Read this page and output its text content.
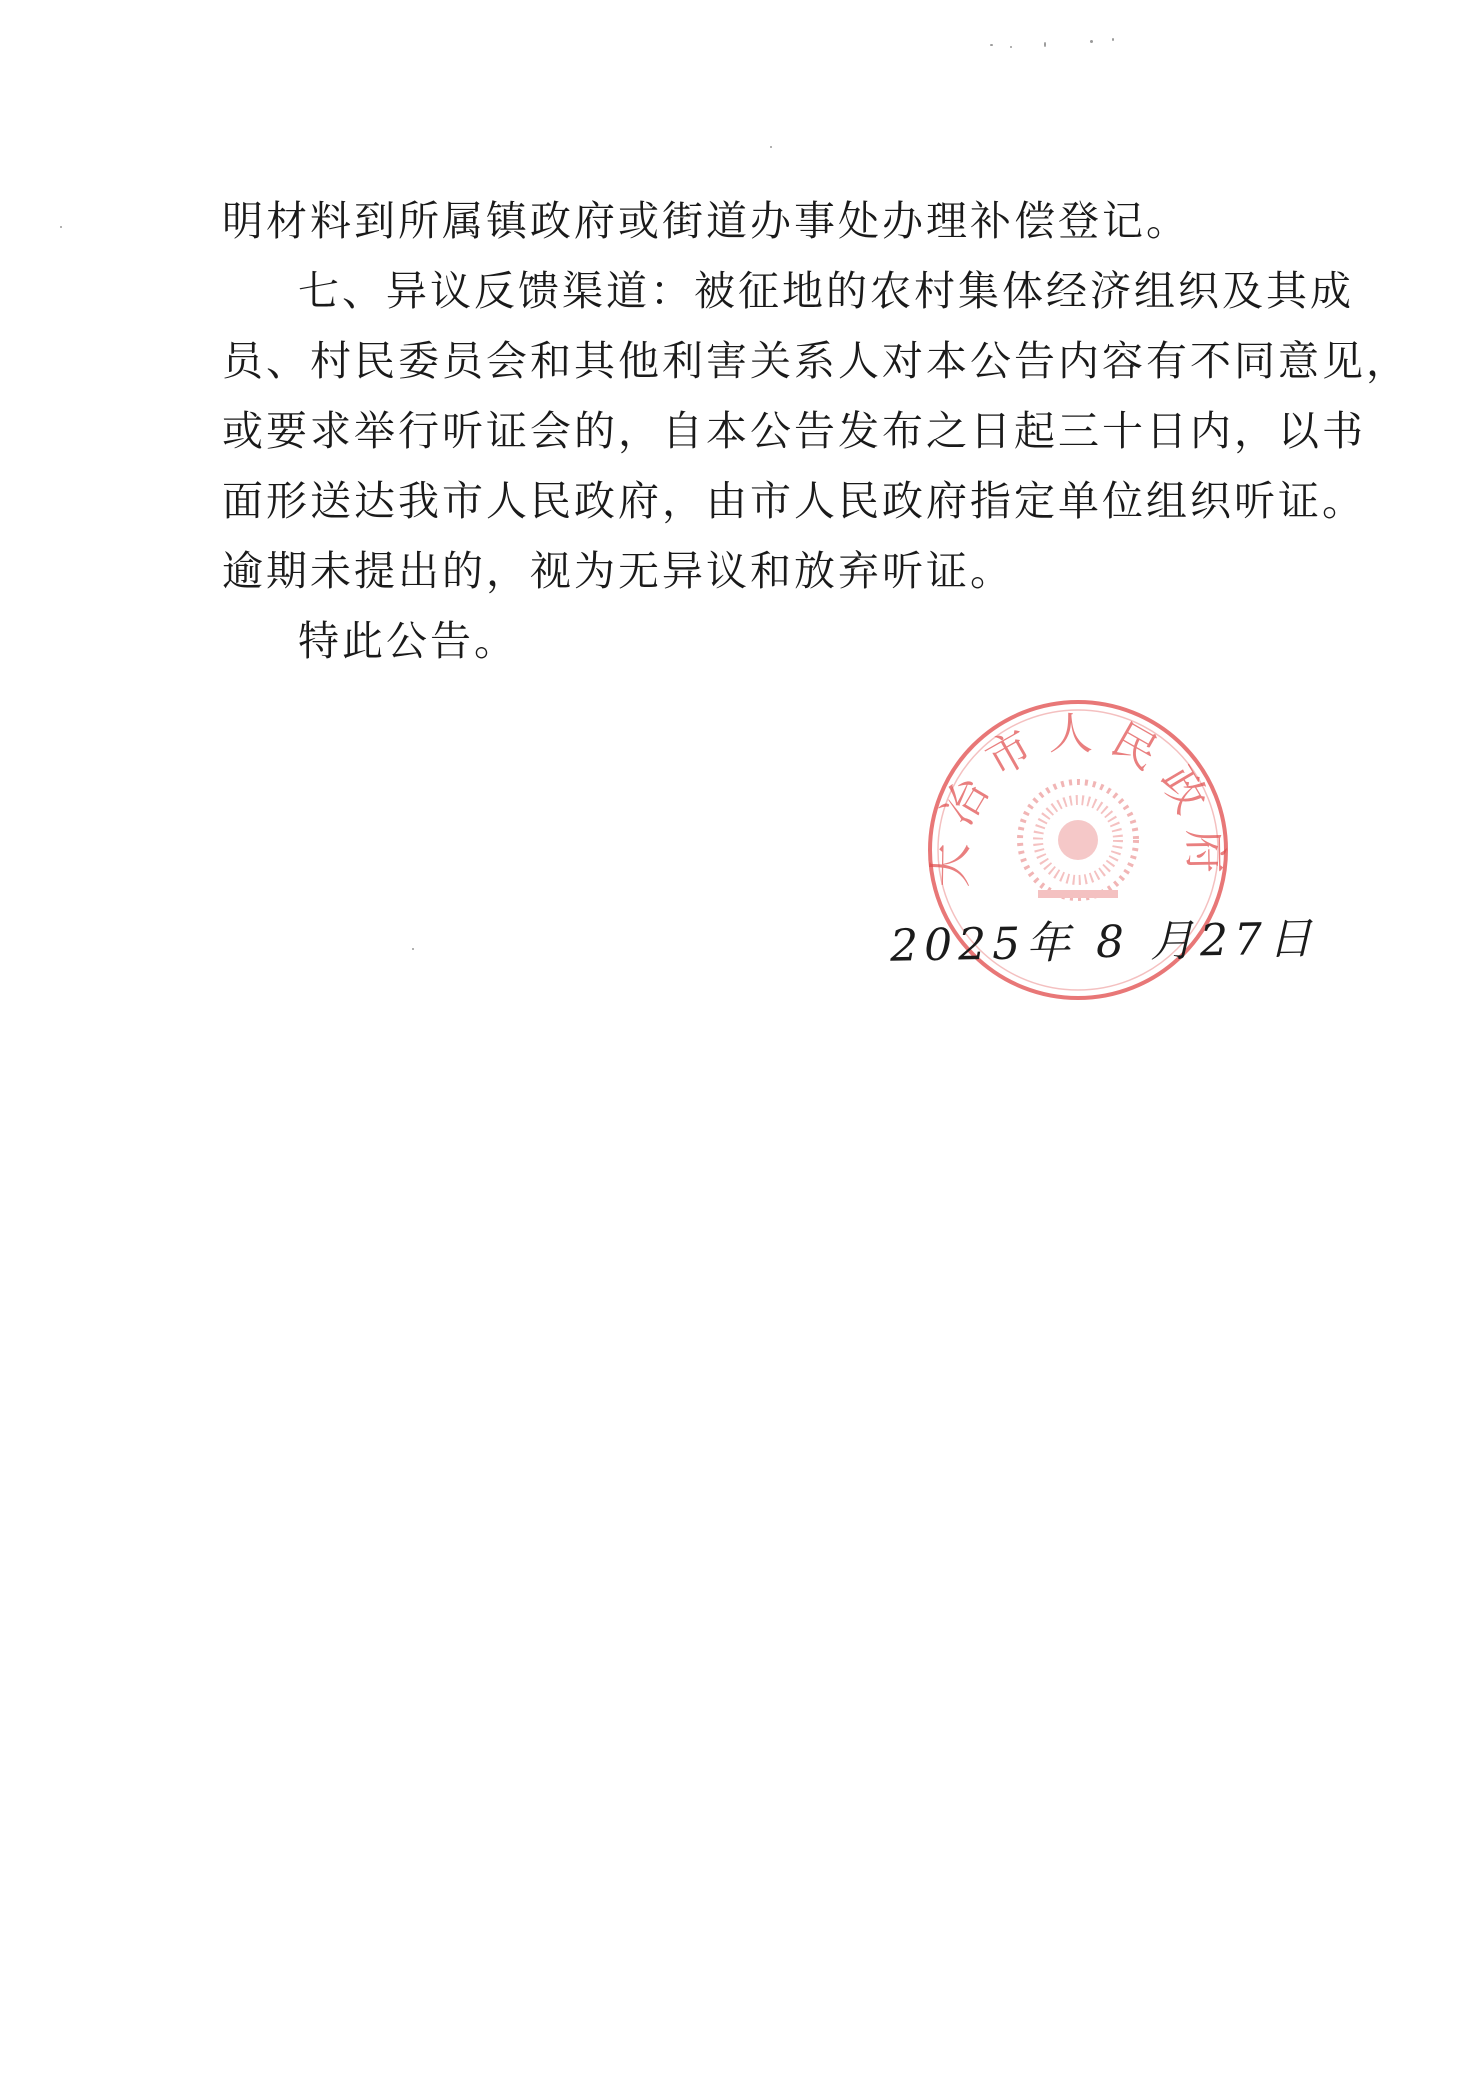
明材料到所属镇政府或街道办事处办理补偿登记。

七、异议反馈渠道：被征地的农村集体经济组织及其成

员、村民委员会和其他利害关系人对本公告内容有不同意见，

或要求举行听证会的，自本公告发布之日起三十日内，以书

面形送达我市人民政府，由市人民政府指定单位组织听证。

逾期未提出的，视为无异议和放弃听证。

特此公告。

大冶市人民政府
2025年 8 月27日
